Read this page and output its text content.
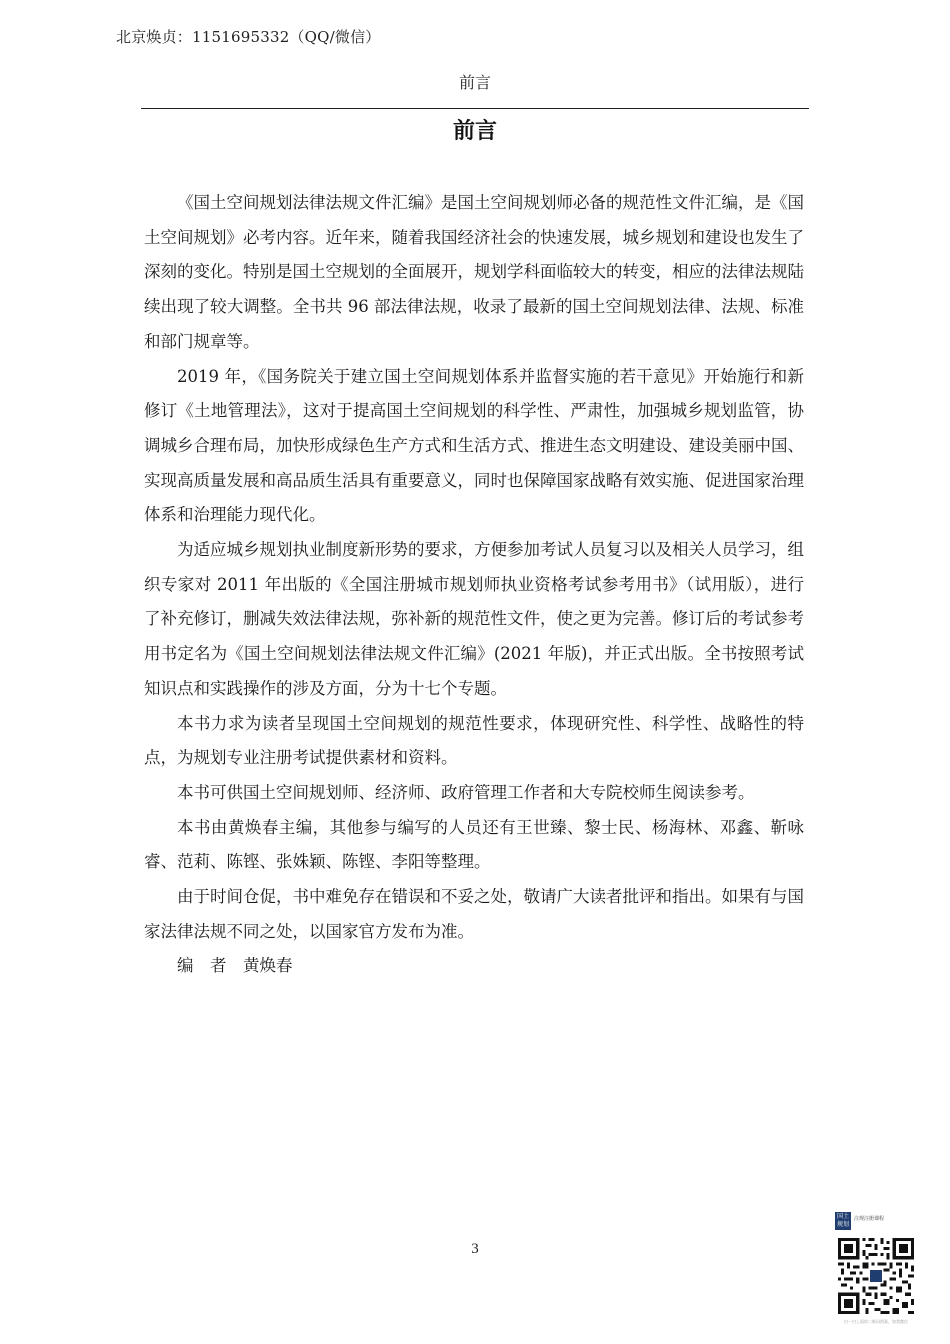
北京焕贞：1151695332（QQ/微信）
前言
前言

《国土空间规划法律法规文件汇编》是国土空间规划师必备的规范性文件汇编，是《国土空间规划》必考内容。近年来，随着我国经济社会的快速发展，城乡规划和建设也发生了深刻的变化。特别是国土空规划的全面展开，规划学科面临较大的转变，相应的法律法规陆续出现了较大调整。全书共 96 部法律法规，收录了最新的国土空间规划法律、法规、标准和部门规章等。

2019 年，《国务院关于建立国土空间规划体系并监督实施的若干意见》开始施行和新修订《土地管理法》，这对于提高国土空间规划的科学性、严肃性，加强城乡规划监管，协调城乡合理布局，加快形成绿色生产方式和生活方式、推进生态文明建设、建设美丽中国、实现高质量发展和高品质生活具有重要意义，同时也保障国家战略有效实施、促进国家治理体系和治理能力现代化。

为适应城乡规划执业制度新形势的要求，方便参加考试人员复习以及相关人员学习，组织专家对 2011 年出版的《全国注册城市规划师执业资格考试参考用书》（试用版），进行了补充修订，删减失效法律法规，弥补新的规范性文件，使之更为完善。修订后的考试参考用书定名为《国土空间规划法律法规文件汇编》(2021 年版)，并正式出版。全书按照考试知识点和实践操作的涉及方面，分为十七个专题。

本书力求为读者呈现国土空间规划的规范性要求，体现研究性、科学性、战略性的特点，为规划专业注册考试提供素材和资料。

本书可供国土空间规划师、经济师、政府管理工作者和大专院校师生阅读参考。

本书由黄焕春主编，其他参与编写的人员还有王世臻、黎士民、杨海林、邓鑫、靳咏睿、范莉、陈铿、张姝颖、陈铿、李阳等整理。

由于时间仓促，书中难免存在错误和不妥之处，敬请广大读者批评和指出。如果有与国家法律法规不同之处，以国家官方发布为准。

编　者　黄焕春

3
国土规划
注规注册课程
扫一扫上面的二维码图案，加我微信
